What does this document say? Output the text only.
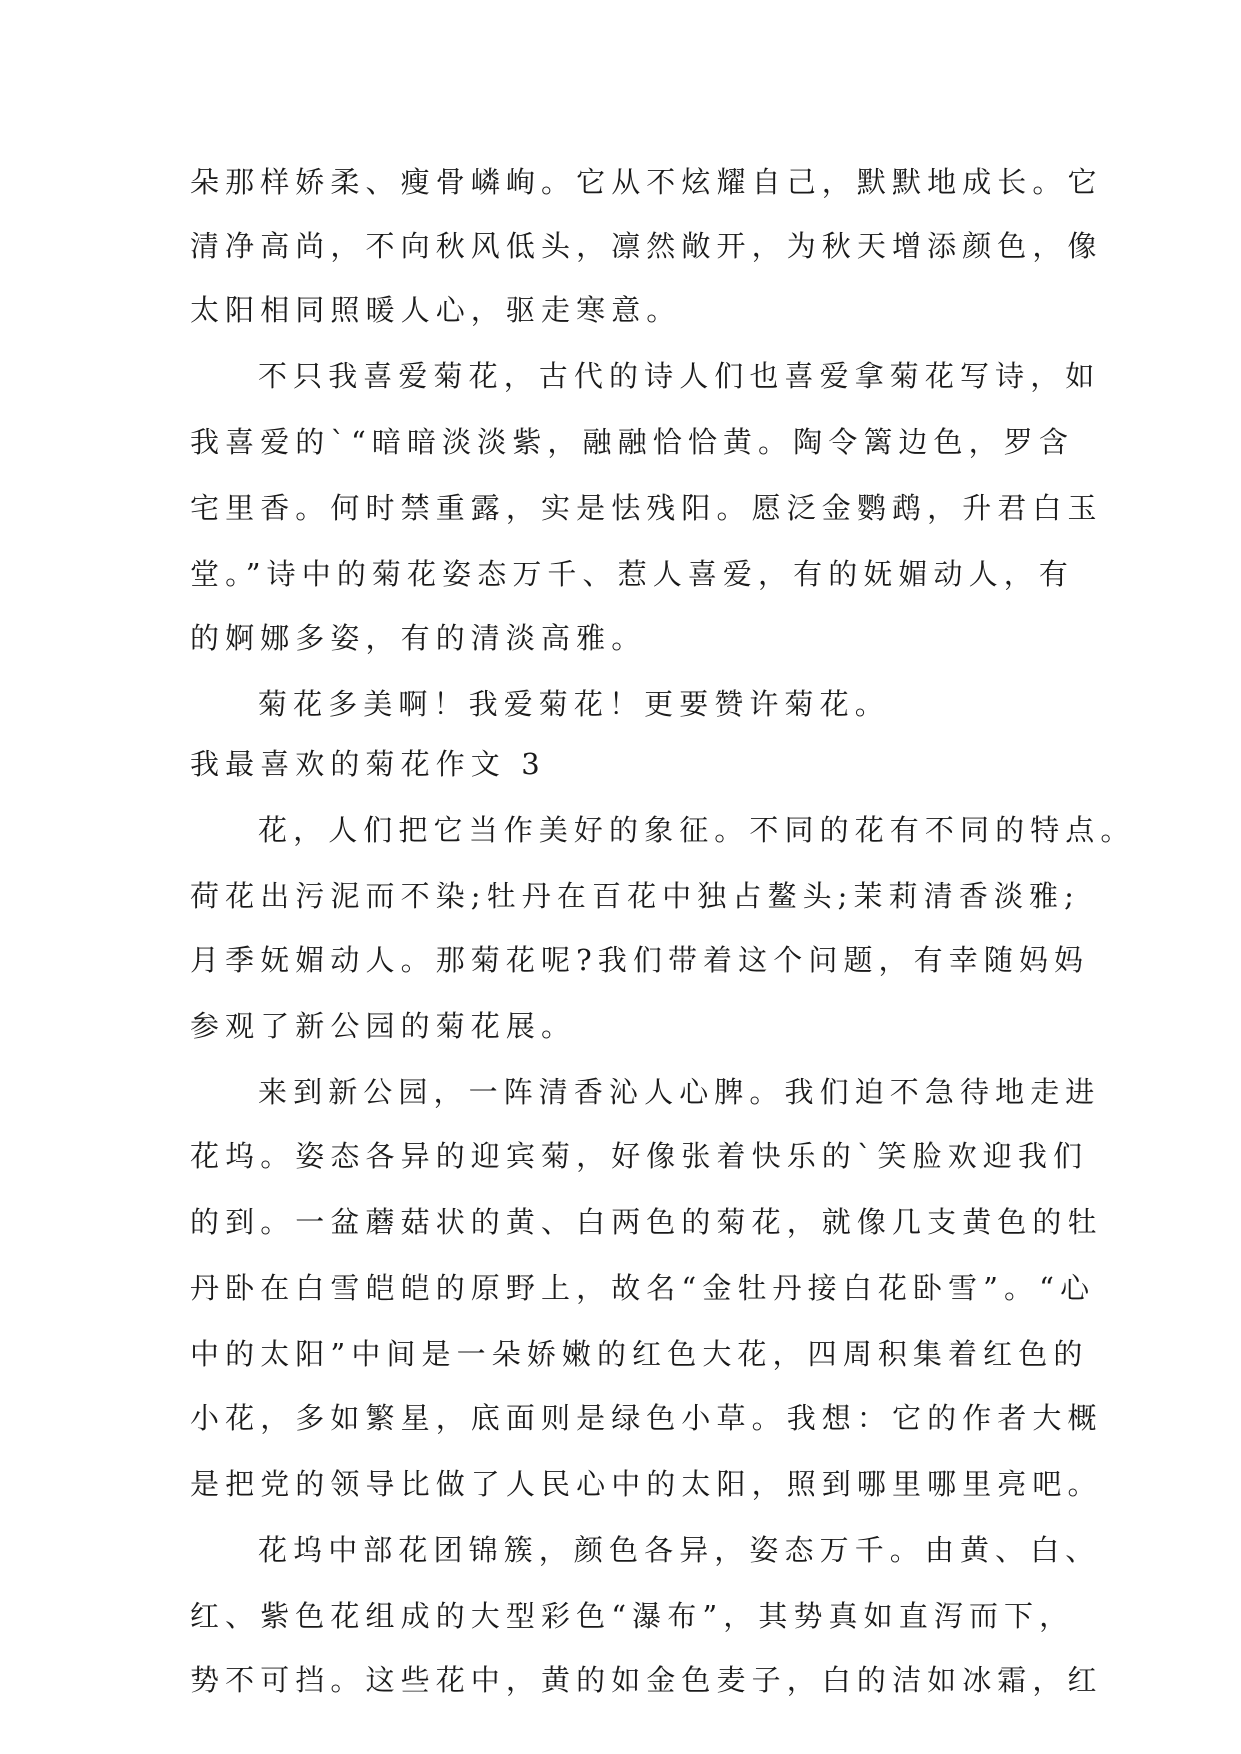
朵那样娇柔、瘦骨嶙峋。它从不炫耀自己，默默地成长。它
清净高尚，不向秋风低头，凛然敞开，为秋天增添颜色，像
太阳相同照暖人心，驱走寒意。
不只我喜爱菊花，古代的诗人们也喜爱拿菊花写诗，如
我喜爱的`“暗暗淡淡紫，融融恰恰黄。陶令篱边色，罗含
宅里香。何时禁重露，实是怯残阳。愿泛金鹦鹉，升君白玉
堂。”诗中的菊花姿态万千、惹人喜爱，有的妩媚动人，有
的婀娜多姿，有的清淡高雅。
菊花多美啊！我爱菊花！更要赞许菊花。
我最喜欢的菊花作文 3
花，人们把它当作美好的象征。不同的花有不同的特点。
荷花出污泥而不染;牡丹在百花中独占鳌头;茉莉清香淡雅;
月季妩媚动人。那菊花呢?我们带着这个问题，有幸随妈妈
参观了新公园的菊花展。
来到新公园，一阵清香沁人心脾。我们迫不急待地走进
花坞。姿态各异的迎宾菊，好像张着快乐的`笑脸欢迎我们
的到。一盆蘑菇状的黄、白两色的菊花，就像几支黄色的牡
丹卧在白雪皑皑的原野上，故名“金牡丹接白花卧雪”。“心
中的太阳”中间是一朵娇嫩的红色大花，四周积集着红色的
小花，多如繁星，底面则是绿色小草。我想：它的作者大概
是把党的领导比做了人民心中的太阳，照到哪里哪里亮吧。
花坞中部花团锦簇，颜色各异，姿态万千。由黄、白、
红、紫色花组成的大型彩色“瀑布”，其势真如直泻而下，
势不可挡。这些花中，黄的如金色麦子，白的洁如冰霜，红
